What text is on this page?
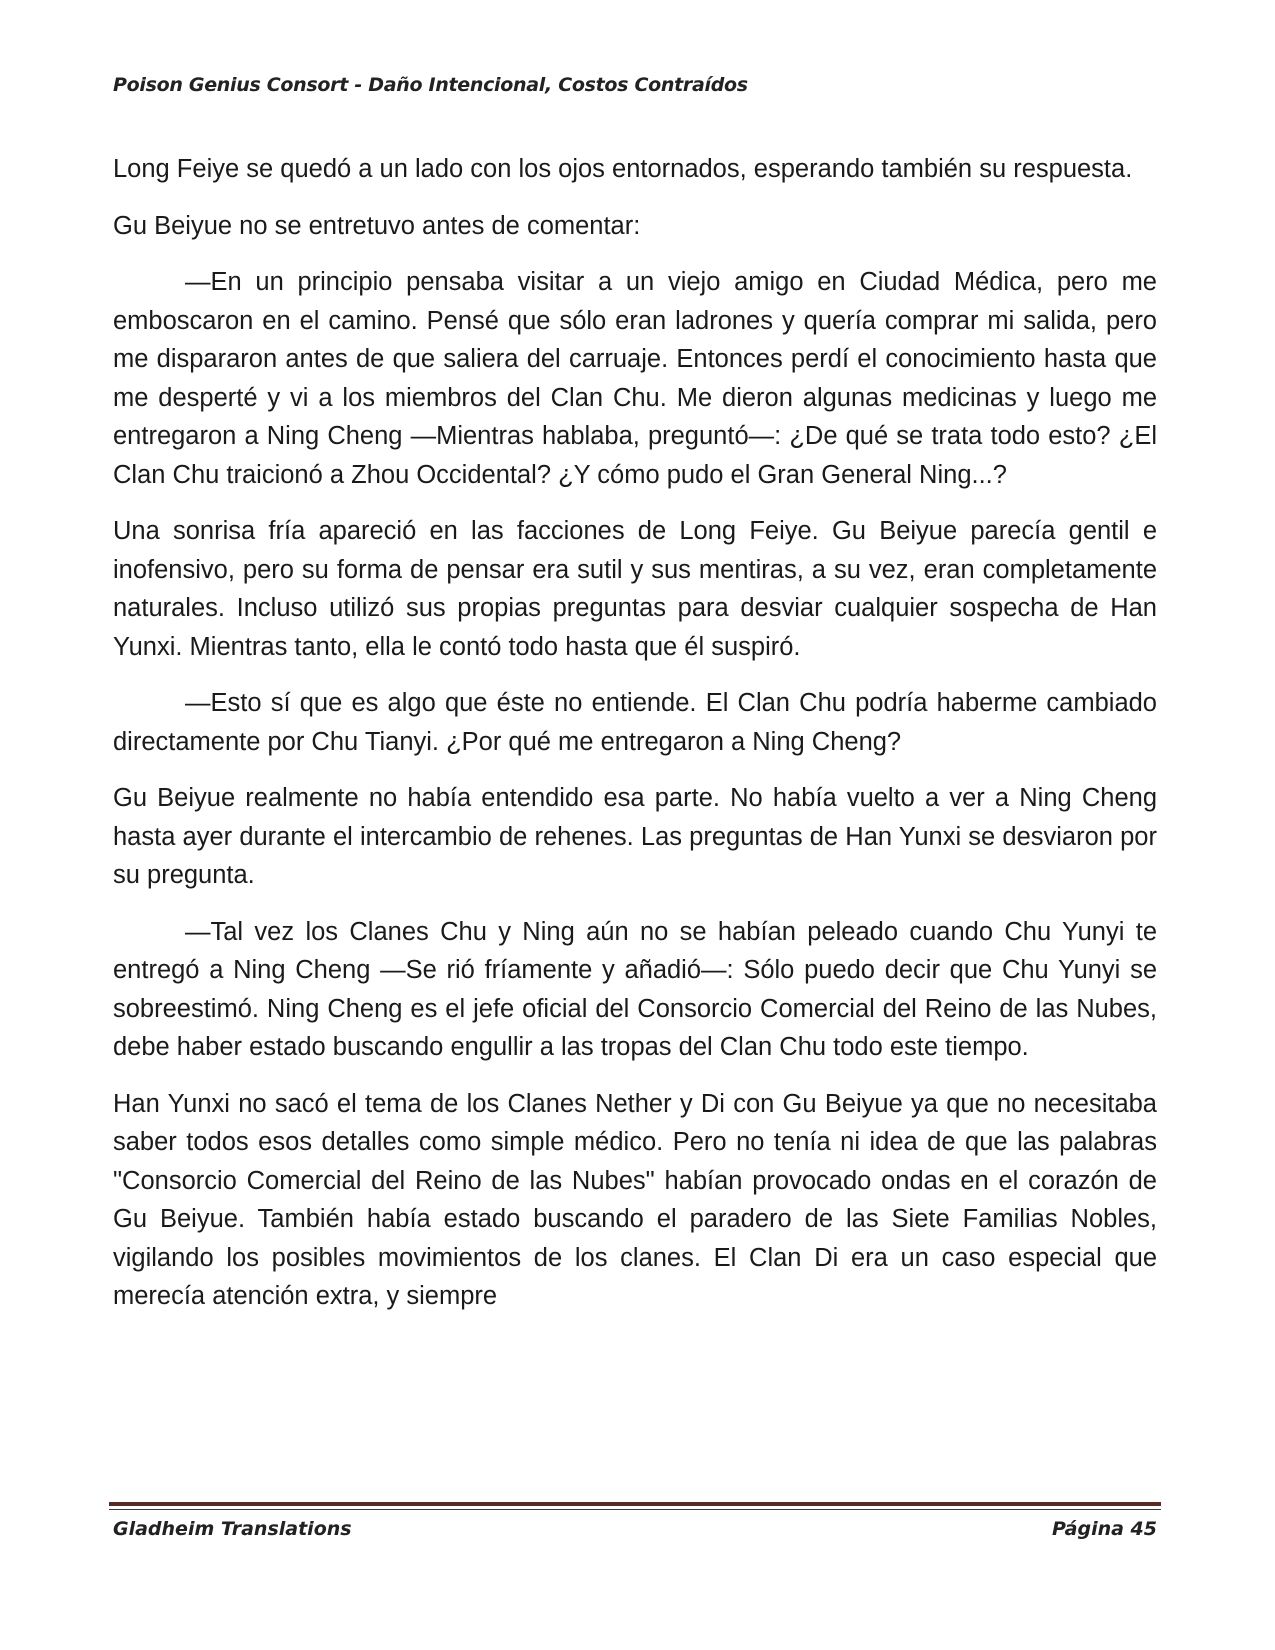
Poison Genius Consort - Daño Intencional, Costos Contraídos

Long Feiye se quedó a un lado con los ojos entornados, esperando también su respuesta.

Gu Beiyue no se entretuvo antes de comentar:

—En un principio pensaba visitar a un viejo amigo en Ciudad Médica, pero me emboscaron en el camino. Pensé que sólo eran ladrones y quería comprar mi salida, pero me dispararon antes de que saliera del carruaje. Entonces perdí el conocimiento hasta que me desperté y vi a los miembros del Clan Chu. Me dieron algunas medicinas y luego me entregaron a Ning Cheng —Mientras hablaba, preguntó—: ¿De qué se trata todo esto? ¿El Clan Chu traicionó a Zhou Occidental? ¿Y cómo pudo el Gran General Ning...?

Una sonrisa fría apareció en las facciones de Long Feiye. Gu Beiyue parecía gentil e inofensivo, pero su forma de pensar era sutil y sus mentiras, a su vez, eran completamente naturales. Incluso utilizó sus propias preguntas para desviar cualquier sospecha de Han Yunxi. Mientras tanto, ella le contó todo hasta que él suspiró.

—Esto sí que es algo que éste no entiende. El Clan Chu podría haberme cambiado directamente por Chu Tianyi. ¿Por qué me entregaron a Ning Cheng?

Gu Beiyue realmente no había entendido esa parte. No había vuelto a ver a Ning Cheng hasta ayer durante el intercambio de rehenes. Las preguntas de Han Yunxi se desviaron por su pregunta.

—Tal vez los Clanes Chu y Ning aún no se habían peleado cuando Chu Yunyi te entregó a Ning Cheng —Se rió fríamente y añadió—: Sólo puedo decir que Chu Yunyi se sobreestimó. Ning Cheng es el jefe oficial del Consorcio Comercial del Reino de las Nubes, debe haber estado buscando engullir a las tropas del Clan Chu todo este tiempo.

Han Yunxi no sacó el tema de los Clanes Nether y Di con Gu Beiyue ya que no necesitaba saber todos esos detalles como simple médico. Pero no tenía ni idea de que las palabras "Consorcio Comercial del Reino de las Nubes" habían provocado ondas en el corazón de Gu Beiyue. También había estado buscando el paradero de las Siete Familias Nobles, vigilando los posibles movimientos de los clanes. El Clan Di era un caso especial que merecía atención extra, y siempre

Gladheim Translations	Página 45
